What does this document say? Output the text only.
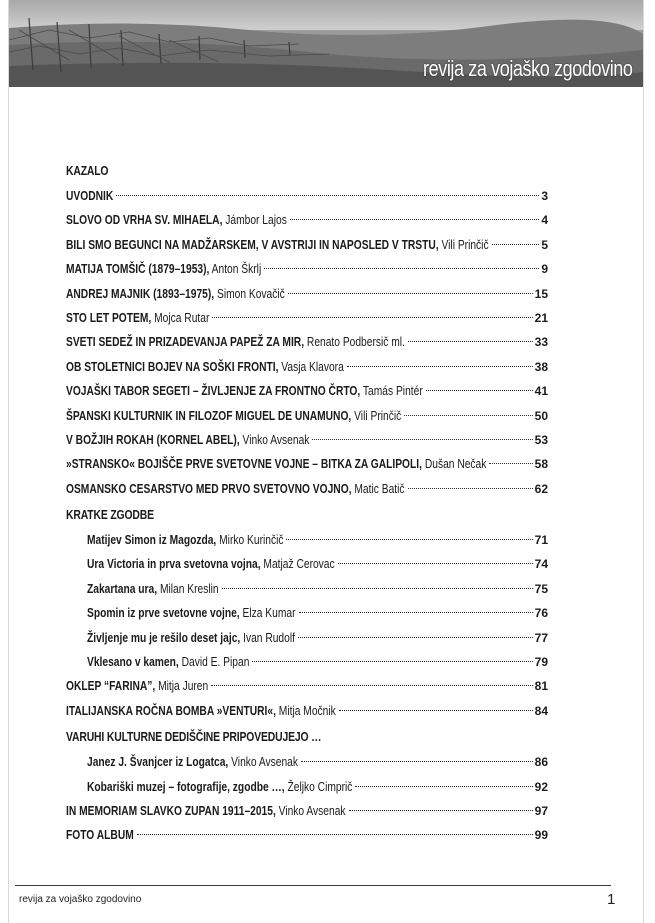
revija za vojaško zgodovino
KAZALO
UVODNIK	3
SLOVO OD VRHA SV. MIHAELA, Jámbor Lajos	4
BILI SMO BEGUNCI NA MADŽARSKEM, V AVSTRIJI IN NAPOSLED V TRSTU, Vili Prinčič	5
MATIJA TOMŠIČ (1879–1953), Anton Škrlj	9
ANDREJ MAJNIK (1893–1975), Simon Kovačič	15
STO LET POTEM, Mojca Rutar	21
SVETI SEDEŽ IN PRIZADEVANJA PAPEŽ ZA MIR, Renato Podbersič ml.	33
OB STOLETNICI BOJEV NA SOŠKI FRONTI, Vasja Klavora	38
VOJAŠKI TABOR SEGETI – ŽIVLJENJE ZA FRONTNO ČRTO, Tamás Pintér	41
ŠPANSKI KULTURNIK IN FILOZOF MIGUEL DE UNAMUNO, Vili Prinčič	50
V BOŽJIH ROKAH (KORNEL ABEL), Vinko Avsenak	53
»STRANSKO« BOJIŠČE PRVE SVETOVNE VOJNE – BITKA ZA GALIPOLI, Dušan Nečak	58
OSMANSKO CESARSTVO MED PRVO SVETOVNO VOJNO, Matic Batič	62
KRATKE ZGODBE
Matijev Simon iz Magozda, Mirko Kurinčič	71
Ura Victoria in prva svetovna vojna, Matjaž Cerovac	74
Zakartana ura, Milan Kreslin	75
Spomin iz prve svetovne vojne, Elza Kumar	76
Življenje mu je rešilo deset jajc, Ivan Rudolf	77
Vklesano v kamen, David E. Pipan	79
OKLEP “FARINA”, Mitja Juren	81
ITALIJANSKA ROČNA BOMBA »VENTURI«, Mitja Močnik	84
VARUHI KULTURNE DEDIŠČINE PRIPOVEDUJEJO …
Janez J. Švanjcer iz Logatca, Vinko Avsenak	86
Kobariški muzej – fotografije, zgodbe …, Željko Cimprič	92
IN MEMORIAM SLAVKO ZUPAN 1911–2015, Vinko Avsenak	97
FOTO ALBUM	99
revija za vojaško zgodovino	1
